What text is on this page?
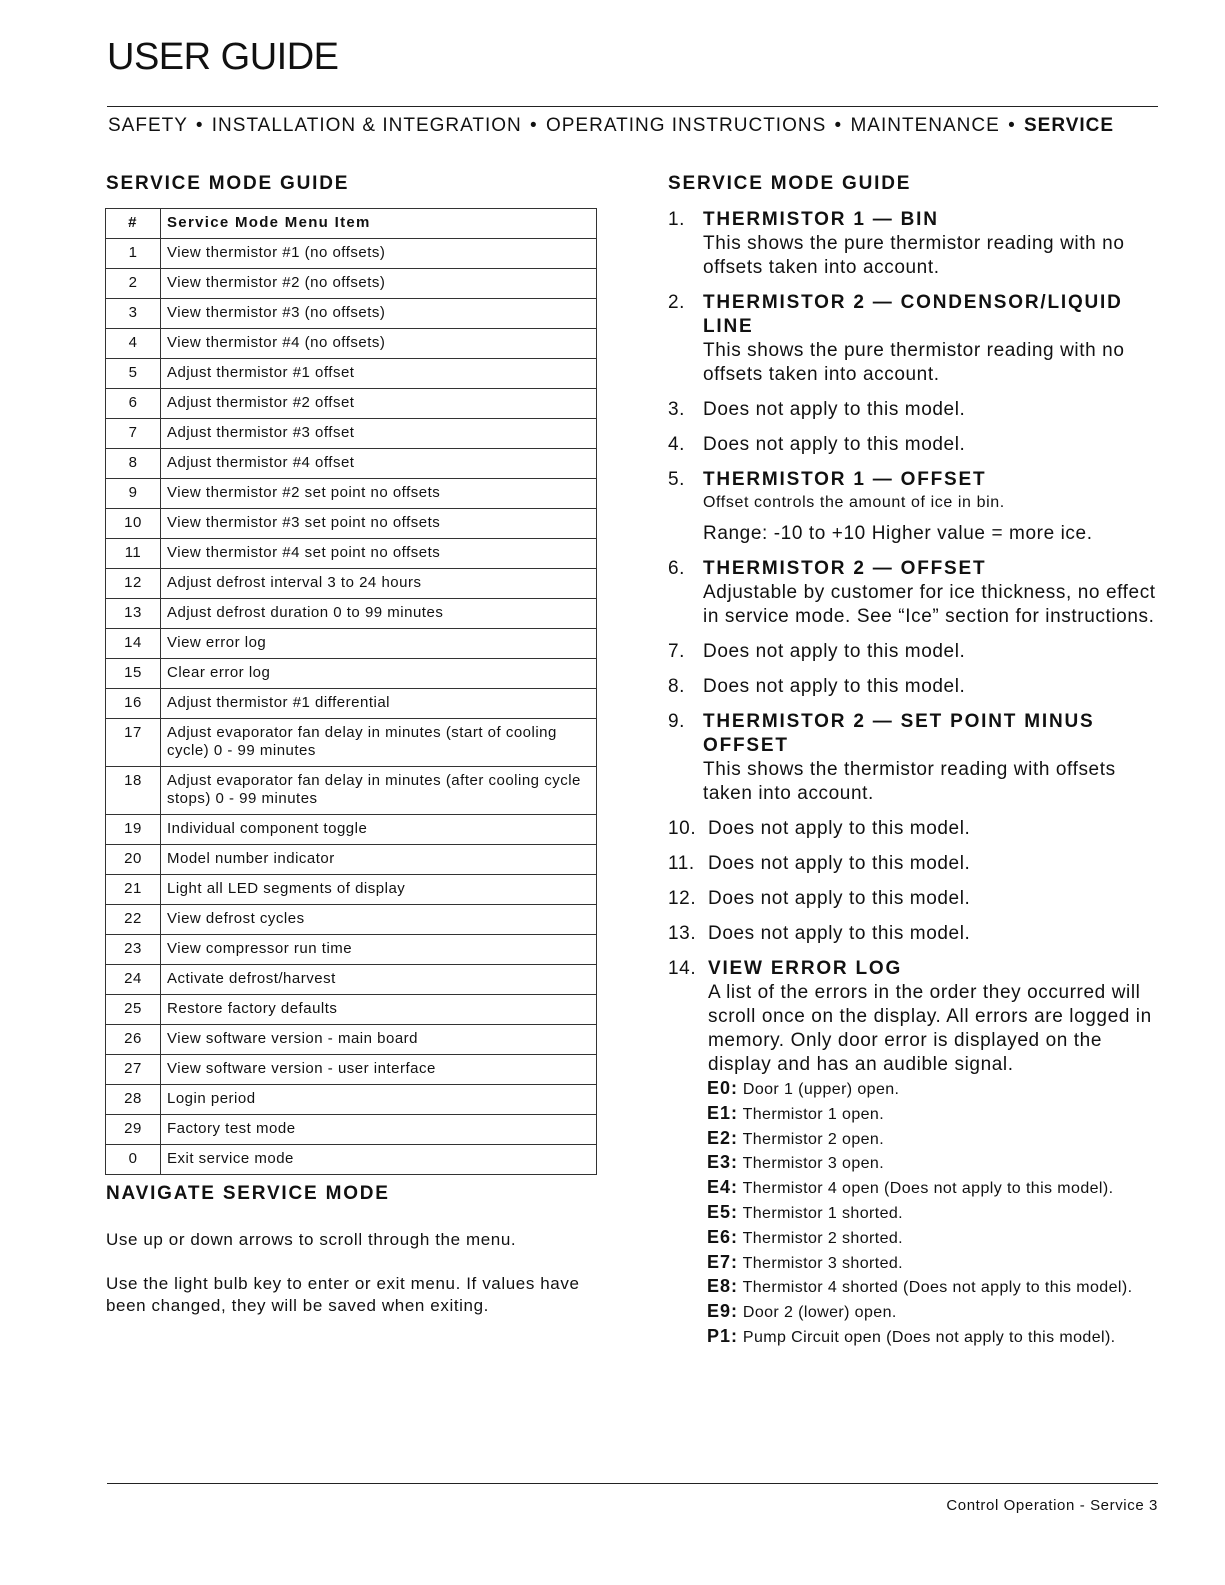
USER GUIDE
SAFETY • INSTALLATION & INTEGRATION • OPERATING INSTRUCTIONS • MAINTENANCE • SERVICE
SERVICE MODE GUIDE
#	Service Mode Menu Item
1	View thermistor #1 (no offsets)
2	View thermistor #2 (no offsets)
3	View thermistor #3 (no offsets)
4	View thermistor #4 (no offsets)
5	Adjust thermistor #1 offset
6	Adjust thermistor #2 offset
7	Adjust thermistor #3 offset
8	Adjust thermistor #4 offset
9	View thermistor #2 set point no offsets
10	View thermistor #3 set point no offsets
11	View thermistor #4 set point no offsets
12	Adjust defrost interval 3 to 24 hours
13	Adjust defrost duration 0 to 99 minutes
14	View error log
15	Clear error log
16	Adjust thermistor #1 differential
17	Adjust evaporator fan delay in minutes (start of cooling cycle) 0 - 99 minutes
18	Adjust evaporator fan delay in minutes (after cooling cycle stops) 0 - 99 minutes
19	Individual component toggle
20	Model number indicator
21	Light all LED segments of display
22	View defrost cycles
23	View compressor run time
24	Activate defrost/harvest
25	Restore factory defaults
26	View software version - main board
27	View software version - user interface
28	Login period
29	Factory test mode
0	Exit service mode
NAVIGATE SERVICE MODE

Use up or down arrows to scroll through the menu.

Use the light bulb key to enter or exit menu. If values have been changed, they will be saved when exiting.

SERVICE MODE GUIDE
1. THERMISTOR 1 — BIN
This shows the pure thermistor reading with no offsets taken into account.
2. THERMISTOR 2 — CONDENSOR/LIQUID LINE
This shows the pure thermistor reading with no offsets taken into account.
3. Does not apply to this model.
4. Does not apply to this model.
5. THERMISTOR 1 — OFFSET
Offset controls the amount of ice in bin.
Range: -10 to +10 Higher value = more ice.
6. THERMISTOR 2 — OFFSET
Adjustable by customer for ice thickness, no effect in service mode. See “Ice” section for instructions.
7. Does not apply to this model.
8. Does not apply to this model.
9. THERMISTOR 2 — SET POINT MINUS OFFSET
This shows the thermistor reading with offsets taken into account.
10. Does not apply to this model.
11. Does not apply to this model.
12. Does not apply to this model.
13. Does not apply to this model.
14. VIEW ERROR LOG
A list of the errors in the order they occurred will scroll once on the display. All errors are logged in memory. Only door error is displayed on the display and has an audible signal.
E0: Door 1 (upper) open.
E1: Thermistor 1 open.
E2: Thermistor 2 open.
E3: Thermistor 3 open.
E4: Thermistor 4 open (Does not apply to this model).
E5: Thermistor 1 shorted.
E6: Thermistor 2 shorted.
E7: Thermistor 3 shorted.
E8: Thermistor 4 shorted (Does not apply to this model).
E9: Door 2 (lower) open.
P1: Pump Circuit open (Does not apply to this model).
Control Operation - Service 3
